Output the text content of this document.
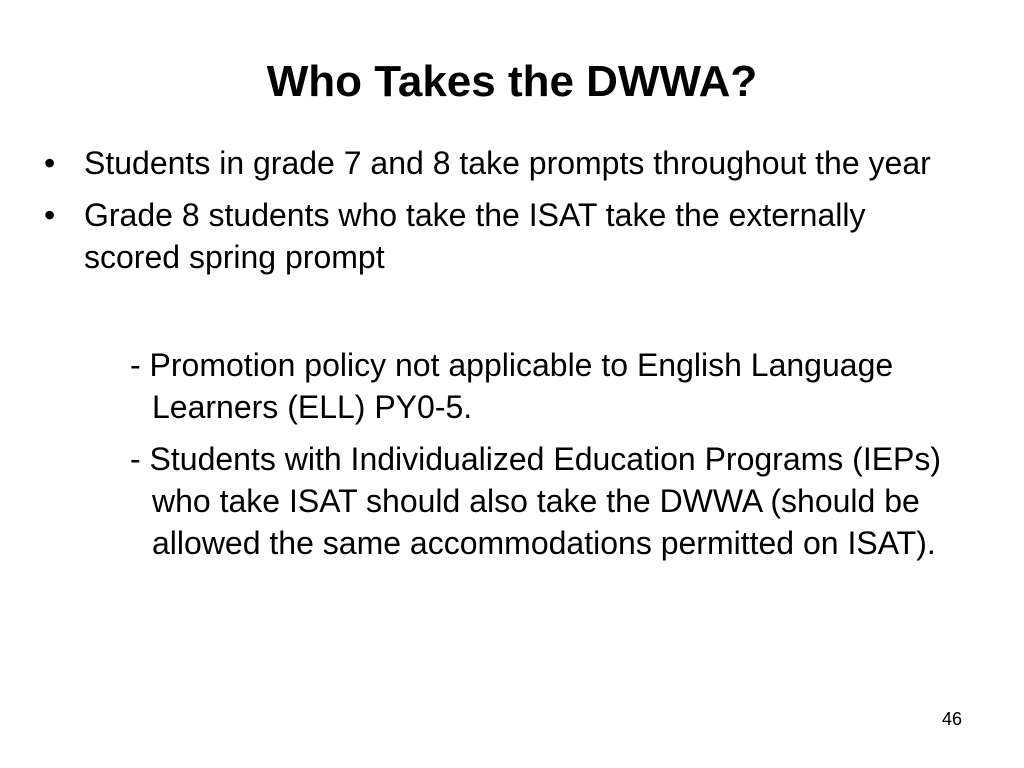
Who Takes the DWWA?
• Students in grade 7 and 8 take prompts throughout the year
• Grade 8 students who take the ISAT take the externally scored spring prompt
- Promotion policy not applicable to English Language Learners (ELL) PY0-5.
- Students with Individualized Education Programs (IEPs) who take ISAT should also take the DWWA (should be allowed the same accommodations permitted on ISAT).
46
